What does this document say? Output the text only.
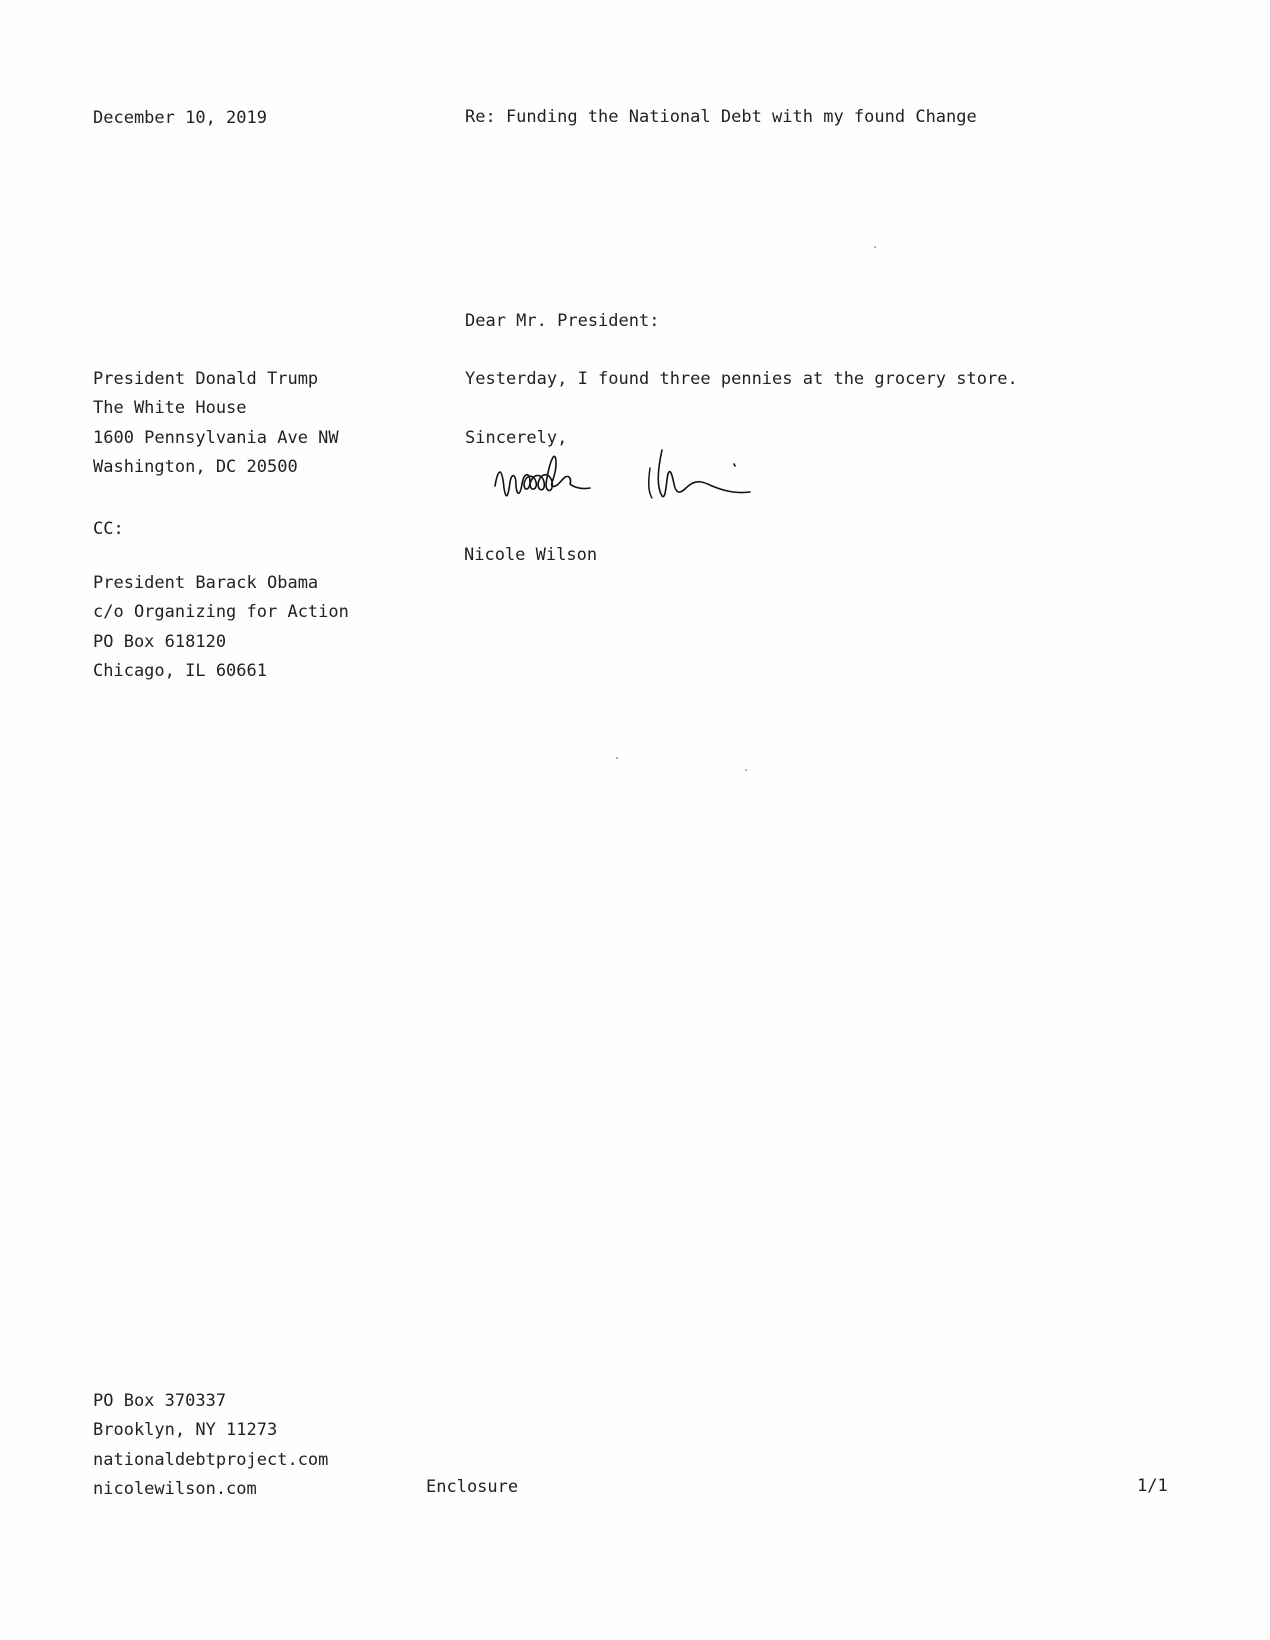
December 10, 2019	Re: Funding the National Debt with my found Change
Dear Mr. President:
Yesterday, I found three pennies at the grocery store.
Sincerely,
Nicole Wilson
President Donald Trump
The White House
1600 Pennsylvania Ave NW
Washington, DC 20500
CC:
President Barack Obama
c/o Organizing for Action
PO Box 618120
Chicago, IL 60661
PO Box 370337
Brooklyn, NY 11273
nationaldebtproject.com
nicolewilson.com	Enclosure	1/1
